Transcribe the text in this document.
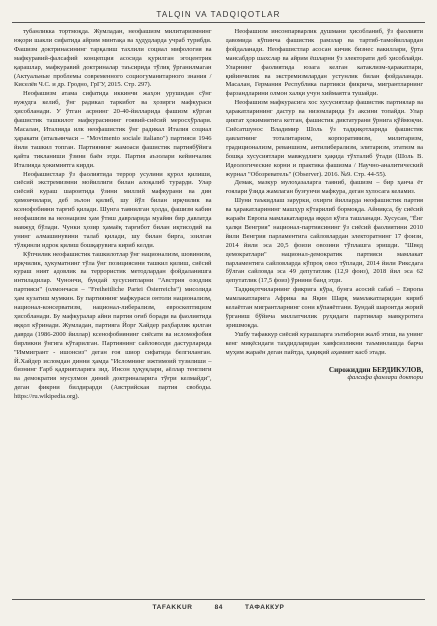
TALQIN VA TADQIQOTLAR

тубанликка тортмоқда. Жумладан, неофашизм милитаризмнинг юқори шакли сифатида айрим минтақа ва ҳудудларда учраб турибди. Фашизм доктринасининг тарқалиш тахлили социал мифология ва мафкуравий-фалсафий концепция асосида қурилган эгоцентрик қарашлар, мафкуравий доктриналар таъсирида тўлиқ ўрганилмаган (Актуальные проблемы современного социогуманитарного знания / Киселёв Ч.С. и др. Гродно, ГрГУ, 2015. Стр. 297).

Неофашизм атама сифатида иккинчи жаҳон урушидан сўнг вужудга келиб, ўнг радикал таркибот ва ҳозирги мафкураси ҳисобланади. У ўтган асрнинг 20-40-йилларида фашизм кўрган фашистик ташкилот мафкурасининг ғоявий-сиёсий меросхўрлари. Масалан, Италияда илк неофашистик ўнг радикал Италия социал ҳаракати (итальянчаси – "Movimento sociale italiano") партияси 1946 йили ташкил топган. Партиянинг жамоаси фашистик партиябўйига қайта тикланиши ўзини баён этди. Партия аъзолари кейинчалик Италияда ҳокимиятга кирди.

Неофашистлар ўз фаолиятида террор усулини қурол қилиши, сиёсий экстремизмни мойиллиги билан алоқалиб турарди. Улар сиёсий кураш шароитида ўзини миллий мафкурани ва дин ҳимоячилари, деб эълон қилиб, шу йўл билан ирқчилик ва ксенофобияни тарғиб қилади. Шунга таянилган ҳолда, фашизм кабин неофашизм ва неонацизм ҳам ўтиш даврларида муайян бир давлатда мавжуд бўлади. Чунки ҳозир ҳамаёқ тарғибот билан иқтисодий ва унинг алмашинувини талаб қилади, шу билан бирга, эзилган тўлқинли идрок қилиш бошқарувига кириб келди.

Кўпчилик неофашистик ташкилотлар ўнг национализм, шовинизм, ирқчилик, ҳукуматнинг тўла ўнг позициясини ташкил қилиш, сиёсий кураш ният адовлик ва террористик методлардан фойдаланишга интиладилар. Чунончи, бундай хусусиятларни "Австрия озодлик партияси" (олмончаси – "Freiheitliche Partei Österreichs") мисолида ҳам кузатиш мумкин. Бу партиянинг мафкураси онтоли национализм, национал-консерватизм, национал-либерализм, евроскептицизм ҳисобланади. Бу мафкуралар айни партия оғиб боради ва фаолиятида яққол кўринади. Жумладан, партияга Йорг Хайдер раҳбарлик қилган даврда (1986-2000 йиллар) ксенофобиянинг сиёсати ва исломофобия бирликни ўнгига кўтарилган. Партиянинг сайловолди дастурларида "Иммигрант - ишонсиз" деган ғоя шиор сифатида белгиланган. Й.Хайдер исломдан динни ҳамда "Исломнинг ижтимоий тузилиши – бизнинг Ғарб қадриятларига зид. Инсон ҳуқуқлари, аёллар тенглиги ва демократия мусулмон диний доктриналарига тўғри келмайди", деган фикрни билдирарди (Австрийская партия свободы. https://ru.wikipedia.org).

Неофашизм инсонпарварлик душмани ҳисобланиб, ўз фаолияти давомида кўпинча фашистик рамзлар ва тартиб-тамойиллардан фойдаланади. Неофашистлар асосан кичик бизнес вакиллари, ўрта мансабдор шахслар ва айрим ёшларни ўз электорати деб ҳисоблайди. Уларнинг фаолиятида юзага келган катаклизм-ҳаракатлари, қийинчилик ва экстремизмлардан устунлик билан фойдаланади. Масалан, Германия Республика партияси фикрича, мигрантларнинг фарзандларини олмон халқи учун хиймаятга тушайди.

Неофашизм мафкурасига хос хусусиятлар фашистик партиялар ва ҳаракатларининг дастур ва низомларида ўз аксини топайди. Улар диктат ҳокимиятига кетган, фашистик диктатурани ўрнига қўймоқчи. Сиёсатшунос Владимир Шоль ўз тадқиқотларида фашистик давлатнинг тоталитаризм, корпоративизм, милитаризм, традиционализм, реваншизм, антилиберализм, элитаризм, этатизм ва бошқа хусусиятлари мавжудлиги ҳақида тўхталиб ўтади (Шоль В. Идеологические корни и практика фашизма / Научно-аналитический журнал "Обозреватель" (Observer). 2016. №9. Стр. 44-55).

Демак, мазкур мулоҳазаларга таяниб, фашизм – бир ҳанча ёт ғоялари ўзида жамлаган бузғунчи мафкура, деган хулосага келамиз.

Шуни таъкидлаш зарурки, охирги йилларда неофашистик партия ва ҳаракатларининг машҳур кўтарилиб бормоқда. Айниқса, бу сиёсий жараён Европа мамлакатларида яққол кўзга ташланади. Хусусан, "Ёнг ҳалқи Венгрия" национал-партиясининг ўз сиёсий фаолиятини 2010 йили Венгрия парламентига сайловлардан электоратнинг 17 фоизи, 2014 йили эса 20,5 фоизи овозини тўплашга эришди. "Швед демократлари" национал-демократик партияси мамлакат парламентига сайловларда кўпроқ овоз тўплади, 2014 йили Риксдага бўлган сайловда эса 49 депутатлик (12,9 фоиз), 2018 йил эса 62 депутатлик (17,5 фоиз) ўрнини банд этди.

Тадқиқотчиларнинг фикрига кўра, бунга асосий сабаб – Европа мамлакатларига Африка ва Яқин Шарқ мамлакатларидан кириб келаётган мигрантларнинг сони кўпаяётгани. Бундай шароитда жорий ўрганиш бўйича миллатчилик руҳидаги партиялар мавқуротига эришмоқда.

Ушбу тафаккур сиёсий курашларга эътиборни жалб этиш, ва унинг кенг миқёсидаги таҳдидларидан хавфсизликни таъминлашда барча муҳим жараён деган пайтда, ҳақиқий аҳамият касб этади.

Сирожиддин БЕРДИКУЛОВ,
фалсафа фанлари доктори
TAFAKKUR	84	ТАФАККУР
